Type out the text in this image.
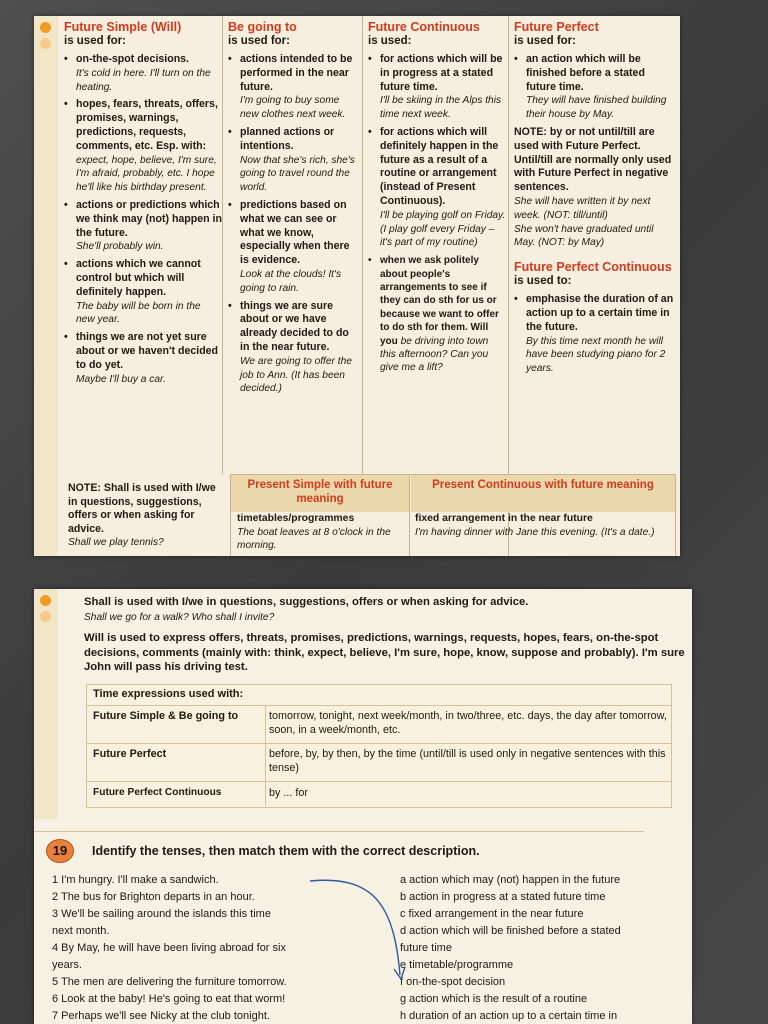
Future Simple (Will)
is used for:
• on-the-spot decisions.
It's cold in here. I'll turn on the heating.
• hopes, fears, threats, offers, promises, warnings, predictions, requests, comments, etc. Esp. with: expect, hope, believe, I'm sure, I'm afraid, probably, etc. I hope he'll like his birthday present.
• actions or predictions which we think may (not) happen in the future.
She'll probably win.
• actions which we cannot control but which will definitely happen.
The baby will be born in the new year.
• things we are not yet sure about or we haven't decided to do yet.
Maybe I'll buy a car.
Be going to
is used for:
• actions intended to be performed in the near future.
I'm going to buy some new clothes next week.
• planned actions or intentions.
Now that she's rich, she's going to travel round the world.
• predictions based on what we can see or what we know, especially when there is evidence.
Look at the clouds! It's going to rain.
• things we are sure about or we have already decided to do in the near future.
We are going to offer the job to Ann. (It has been decided.)
Future Continuous
is used:
• for actions which will be in progress at a stated future time.
I'll be skiing in the Alps this time next week.
• for actions which will definitely happen in the future as a result of a routine or arrangement (instead of Present Continuous).
I'll be playing golf on Friday. (I play golf every Friday – it's part of my routine)
• when we ask politely about people's arrangements to see if they can do sth for us or because we want to offer to do sth for them. Will you be driving into town this afternoon? Can you give me a lift?
Future Perfect
is used for:
• an action which will be finished before a stated future time.
They will have finished building their house by May.
NOTE: by or not until/till are used with Future Perfect. Until/till are normally only used with Future Perfect in negative sentences.
She will have written it by next week. (NOT: till/until)
She won't have graduated until May. (NOT: by May)
Future Perfect Continuous
is used to:
• emphasise the duration of an action up to a certain time in the future.
By this time next month he will have been studying piano for 2 years.
NOTE: Shall is used with I/we in questions, suggestions, offers or when asking for advice.
Shall we play tennis?
Present Simple with future meaning
Present Continuous with future meaning
timetables/programmes
The boat leaves at 8 o'clock in the morning.
fixed arrangement in the near future
I'm having dinner with Jane this evening. (It's a date.)
Shall is used with I/we in questions, suggestions, offers or when asking for advice.
Shall we go for a walk? Who shall I invite?
Will is used to express offers, threats, promises, predictions, warnings, requests, hopes, fears, on-the-spot decisions, comments (mainly with: think, expect, believe, I'm sure, hope, know, suppose and probably). I'm sure John will pass his driving test.
Time expressions used with:
Future Simple & Be going to	tomorrow, tonight, next week/month, in two/three, etc. days, the day after tomorrow, soon, in a week/month, etc.
Future Perfect	before, by, by then, by the time (until/till is used only in negative sentences with this tense)
Future Perfect Continuous	by ... for
19	Identify the tenses, then match them with the correct description.
1 I'm hungry. I'll make a sandwich.
2 The bus for Brighton departs in an hour.
3 We'll be sailing around the islands this time
next month.
4 By May, he will have been living abroad for six
years.
5 The men are delivering the furniture tomorrow.
6 Look at the baby! He's going to eat that worm!
7 Perhaps we'll see Nicky at the club tonight.
a action which may (not) happen in the future
b action in progress at a stated future time
c fixed arrangement in the near future
d action which will be finished before a stated
future time
e timetable/programme
f on-the-spot decision
g action which is the result of a routine
h duration of an action up to a certain time in
